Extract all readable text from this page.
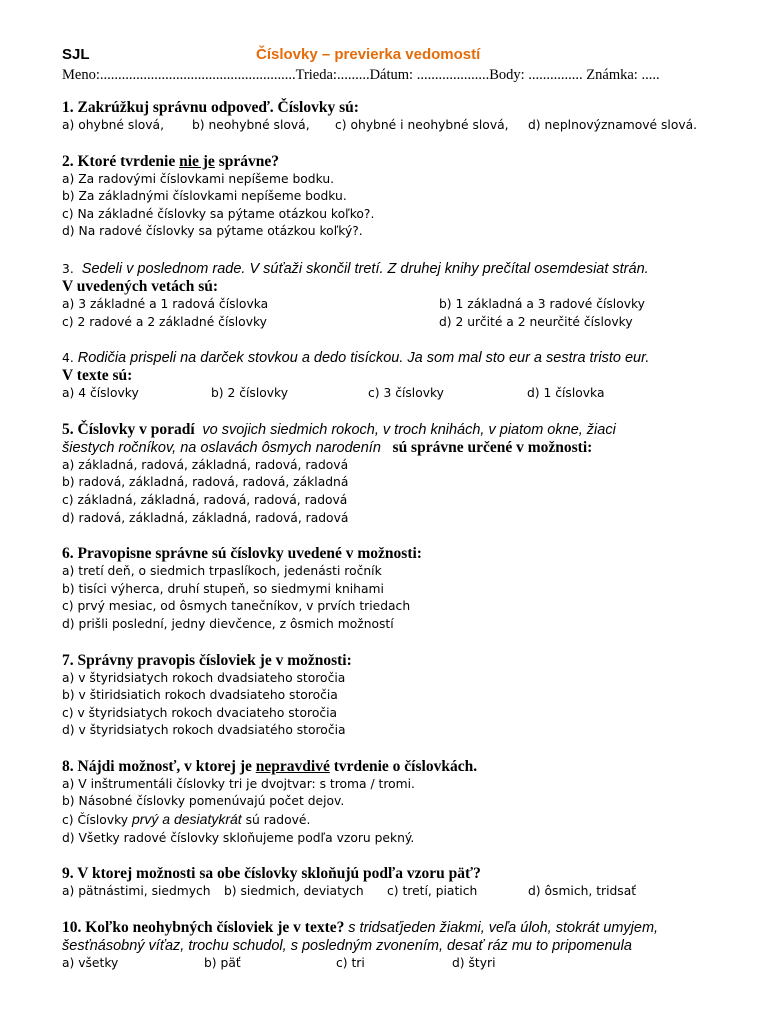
SJL	Číslovky – previerka vedomostí
Meno:......................................................Trieda:.........Dátum: ....................Body: ............... Známka: .....
1. Zakrúžkuj správnu odpoveď. Číslovky sú:
a) ohybné slová, b) neohybné slová, c) ohybné i neohybné slová, d) neplnovýznamové slová.
2. Ktoré tvrdenie nie je správne?
a) Za radovými číslovkami nepíšeme bodku.
b) Za základnými číslovkami nepíšeme bodku.
c) Na základné číslovky sa pýtame otázkou koľko?.
d) Na radové číslovky sa pýtame otázkou koľký?.
3. Sedeli v poslednom rade. V súťaži skončil tretí. Z druhej knihy prečítal osemdesiat strán.
V uvedených vetách sú:
a) 3 základné a 1 radová číslovka	b) 1 základná a 3 radové číslovky
c) 2 radové a 2 základné číslovky	d) 2 určité a 2 neurčité číslovky
4. Rodičia prispeli na darček stovkou a dedo tisíckou. Ja som mal sto eur a sestra tristo eur.
V texte sú:
a) 4 číslovky	b) 2 číslovky	c) 3 číslovky	d) 1 číslovka
5. Číslovky v poradí vo svojich siedmich rokoch, v troch knihách, v piatom okne, žiaci
šiestych ročníkov, na oslavách ôsmych narodenín sú správne určené v možnosti:
a) základná, radová, základná, radová, radová
b) radová, základná, radová, radová, základná
c) základná, základná, radová, radová, radová
d) radová, základná, základná, radová, radová
6. Pravopisne správne sú číslovky uvedené v možnosti:
a) tretí deň, o siedmich trpaslíkoch, jedenásti ročník
b) tisíci výherca, druhí stupeň, so siedmymi knihami
c) prvý mesiac, od ôsmych tanečníkov, v prvích triedach
d) prišli poslední, jedny dievčence, z ôsmich možností
7. Správny pravopis čísloviek je v možnosti:
a) v štyridsiatych rokoch dvadsiateho storočia
b) v štiridsiatich rokoch dvadsiateho storočia
c) v štyridsiatych rokoch dvaciateho storočia
d) v štyridsiatych rokoch dvadsiatého storočia
8. Nájdi možnosť, v ktorej je nepravdivé tvrdenie o číslovkách.
a) V inštrumentáli číslovky tri je dvojtvar: s troma / tromi.
b) Násobné číslovky pomenúvajú počet dejov.
c) Číslovky prvý a desiatykrát sú radové.
d) Všetky radové číslovky skloňujeme podľa vzoru pekný.
9. V ktorej možnosti sa obe číslovky skloňujú podľa vzoru päť?
a) pätnástimi, siedmych b) siedmich, deviatych c) tretí, piatich	d) ôsmich, tridsať
10. Koľko neohybných čísloviek je v texte? s tridsaťjeden žiakmi, veľa úloh, stokrát umyjem,
šesťnásobný víťaz, trochu schudol, s posledným zvonením, desať ráz mu to pripomenula
a) všetky	b) päť	c) tri	d) štyri
